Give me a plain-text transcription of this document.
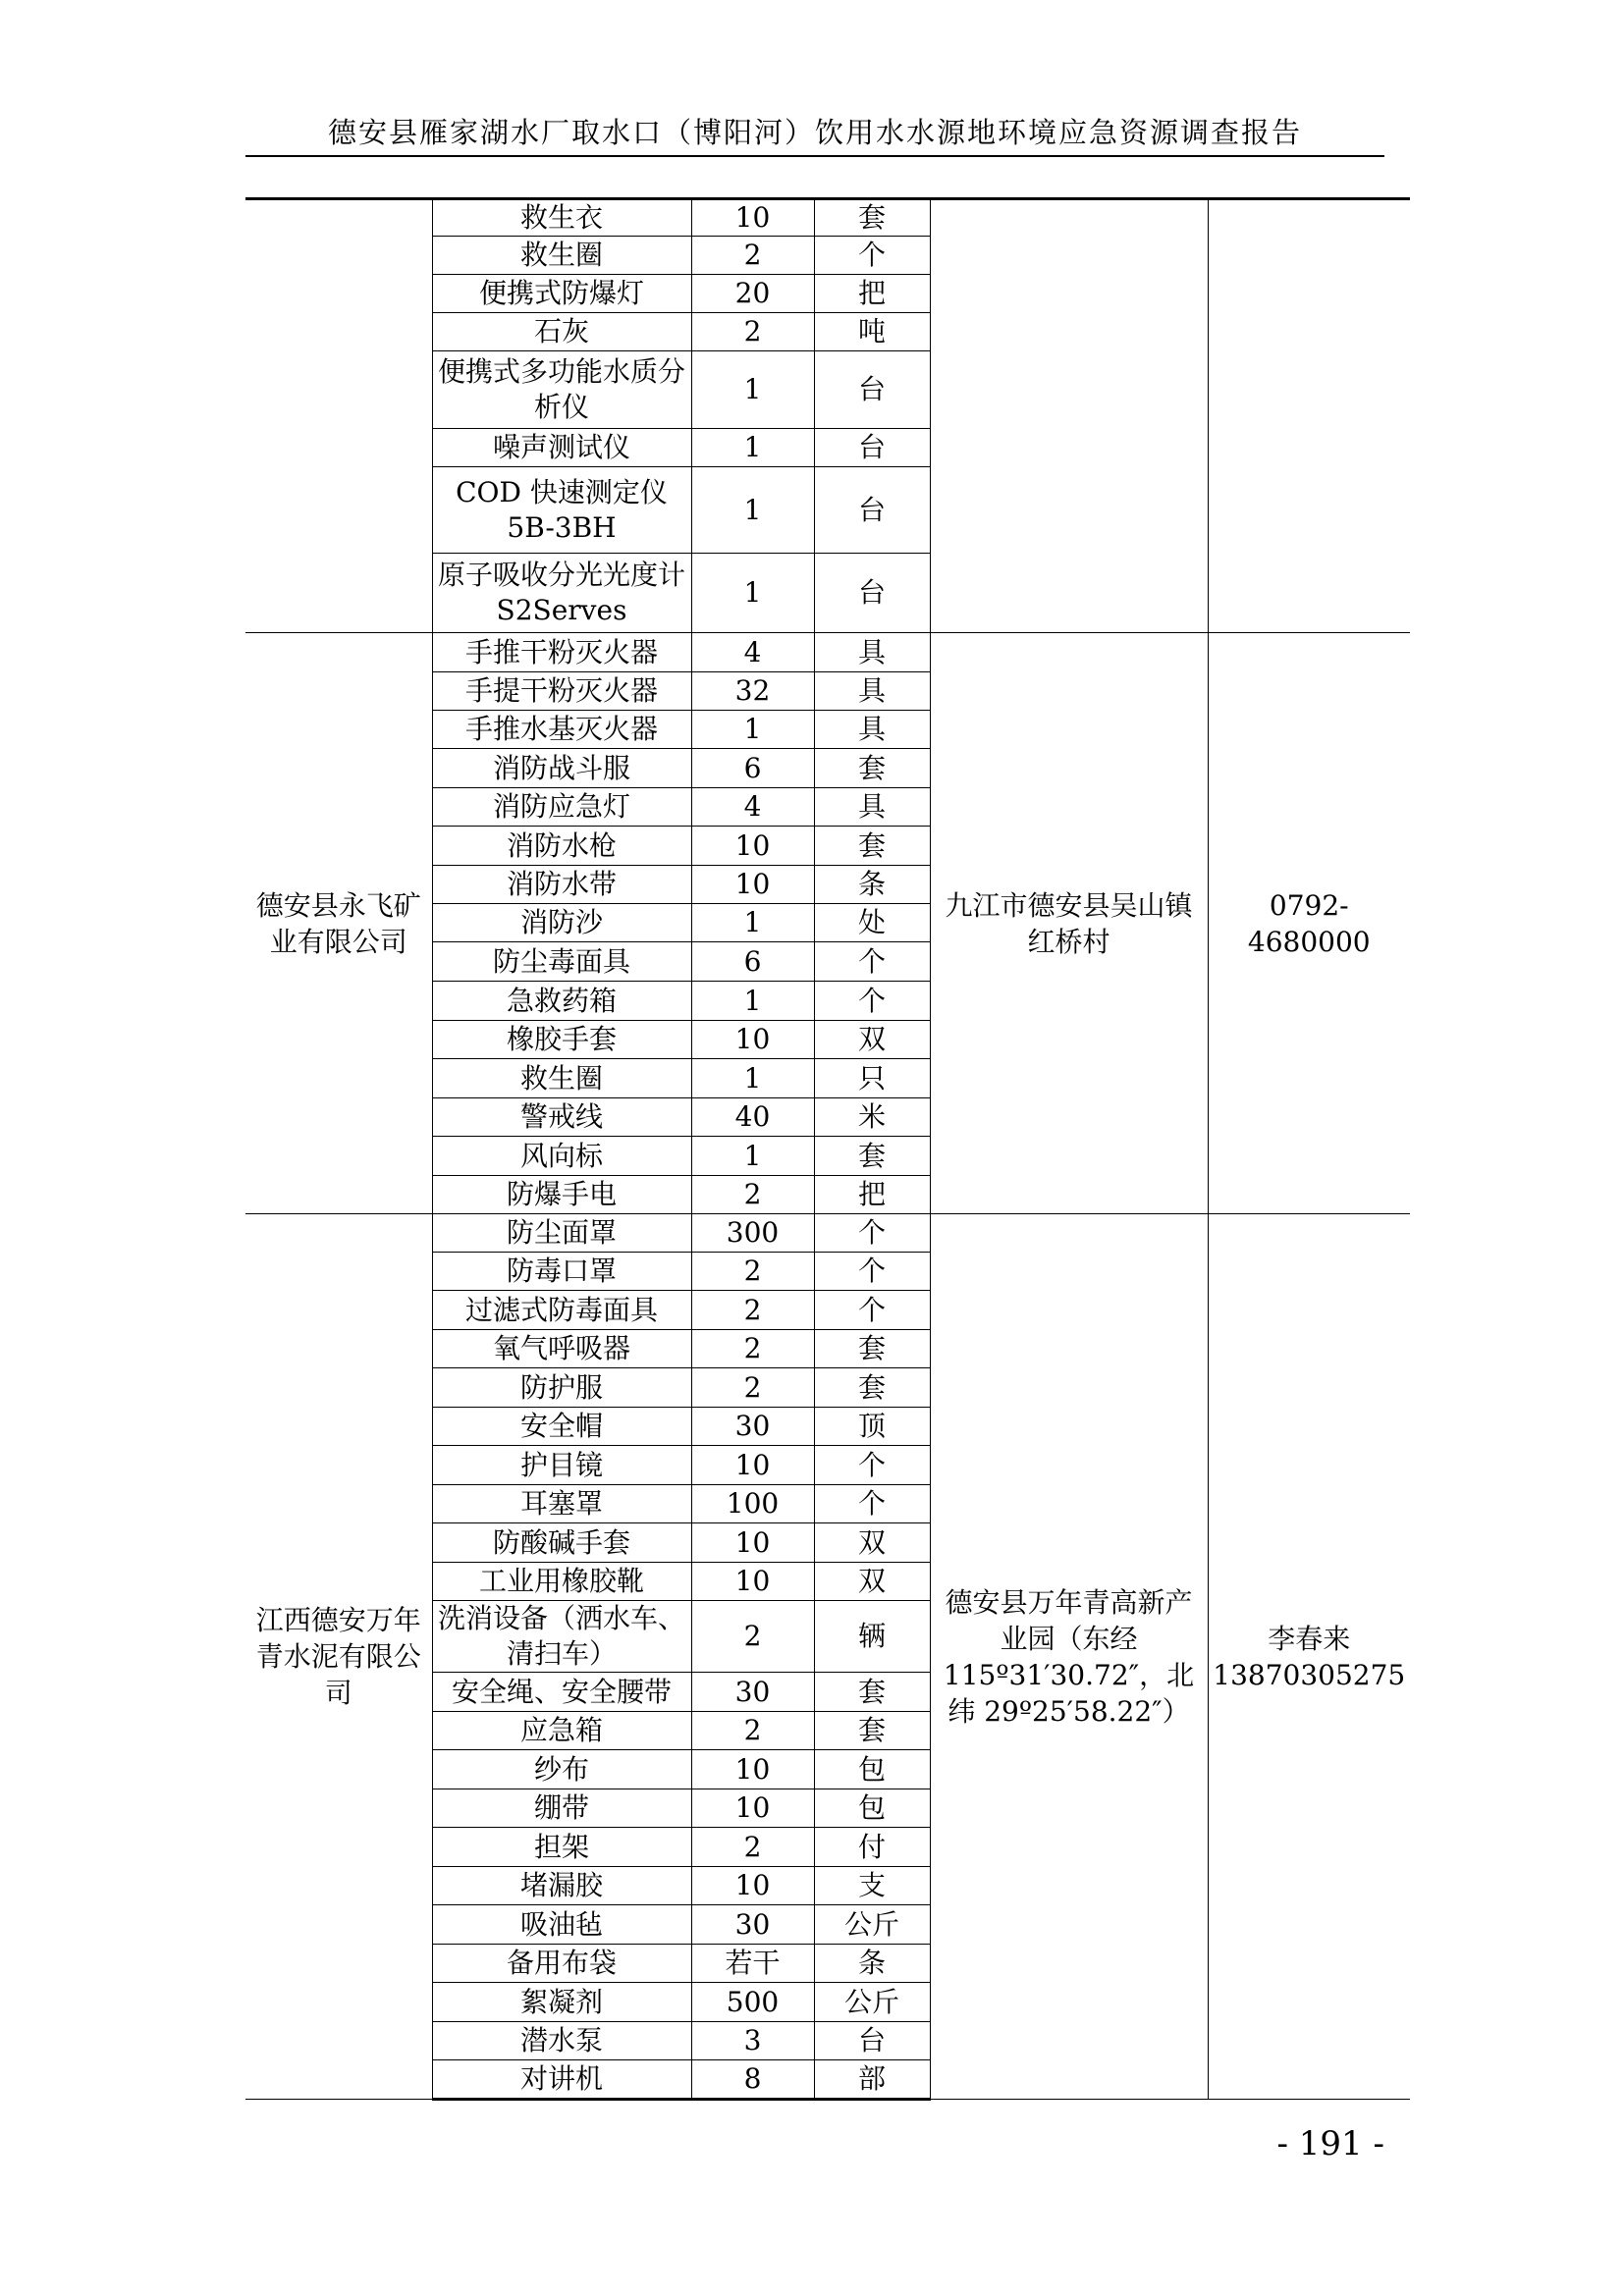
德安县雁家湖水厂取水口（博阳河）饮用水水源地环境应急资源调查报告
	救生衣	10	套		
	救生圈	2	个		
	便携式防爆灯	20	把		
	石灰	2	吨		
	便携式多功能水质分析仪	1	台		
	噪声测试仪	1	台		
	COD 快速测定仪 5B-3BH	1	台		
	原子吸收分光光度计 S2Serves	1	台		
德安县永飞矿业有限公司	手推干粉灭火器	4	具	九江市德安县吴山镇红桥村	0792-4680000
	手提干粉灭火器	32	具		
	手推水基灭火器	1	具		
	消防战斗服	6	套		
	消防应急灯	4	具		
	消防水枪	10	套		
	消防水带	10	条		
	消防沙	1	处		
	防尘毒面具	6	个		
	急救药箱	1	个		
	橡胶手套	10	双		
	救生圈	1	只		
	警戒线	40	米		
	风向标	1	套		
	防爆手电	2	把		
江西德安万年青水泥有限公司	防尘面罩	300	个	德安县万年青高新产业园（东经 115º31′30.72″，北纬 29º25′58.22″）	李春来 13870305275
	防毒口罩	2	个		
	过滤式防毒面具	2	个		
	氧气呼吸器	2	套		
	防护服	2	套		
	安全帽	30	顶		
	护目镜	10	个		
	耳塞罩	100	个		
	防酸碱手套	10	双		
	工业用橡胶靴	10	双		
	洗消设备（洒水车、清扫车）	2	辆		
	安全绳、安全腰带	30	套		
	应急箱	2	套		
	纱布	10	包		
	绷带	10	包		
	担架	2	付		
	堵漏胶	10	支		
	吸油毡	30	公斤		
	备用布袋	若干	条		
	絮凝剂	500	公斤		
	潜水泵	3	台		
	对讲机	8	部		
- 191 -
